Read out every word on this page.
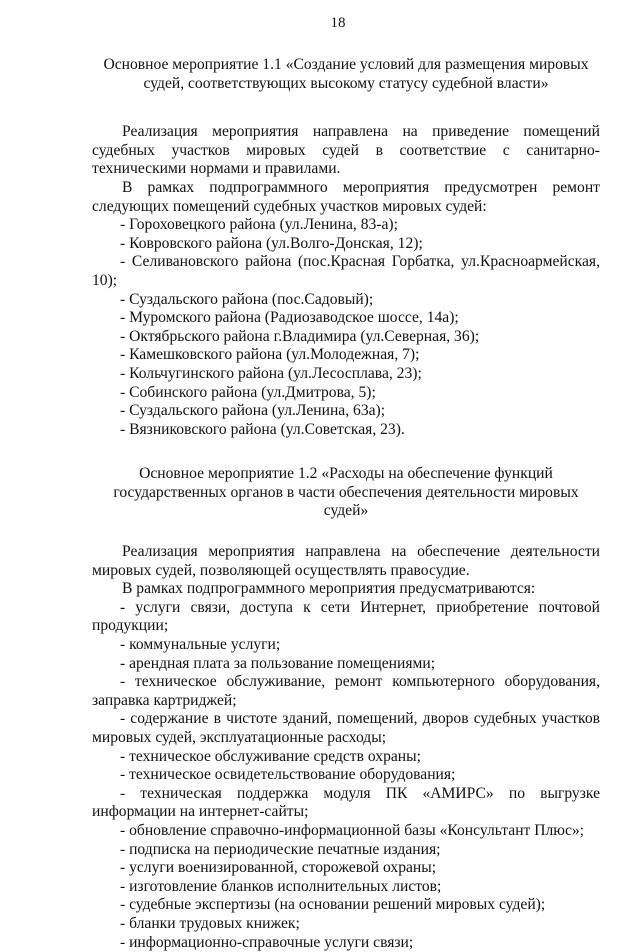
18
Основное мероприятие 1.1 «Создание условий для размещения мировых
судей, соответствующих высокому статусу судебной власти»

Реализация мероприятия направлена на приведение помещений судебных участков мировых судей в соответствие с санитарно-техническими нормами и правилами.

В рамках подпрограммного мероприятия предусмотрен ремонт следующих помещений судебных участков мировых судей:

- Гороховецкого района (ул.Ленина, 83-а);

- Ковровского района (ул.Волго-Донская, 12);

- Селивановского района (пос.Красная Горбатка, ул.Красноармейская, 10);

- Суздальского района (пос.Садовый);

- Муромского района (Радиозаводское шоссе, 14а);

- Октябрьского района г.Владимира (ул.Северная, 36);

- Камешковского района (ул.Молодежная, 7);

- Кольчугинского района (ул.Лесосплава, 23);

- Собинского района (ул.Дмитрова, 5);

- Суздальского района (ул.Ленина, 63а);

- Вязниковского района (ул.Советская, 23).

Основное мероприятие 1.2 «Расходы на обеспечение функций
государственных органов в части обеспечения деятельности мировых судей»

Реализация мероприятия направлена на обеспечение деятельности мировых судей, позволяющей осуществлять правосудие.

В рамках подпрограммного мероприятия предусматриваются:

- услуги связи, доступа к сети Интернет, приобретение почтовой продукции;

- коммунальные услуги;

- арендная плата за пользование помещениями;

- техническое обслуживание, ремонт компьютерного оборудования, заправка картриджей;

- содержание в чистоте зданий, помещений, дворов судебных участков мировых судей, эксплуатационные расходы;

- техническое обслуживание средств охраны;

- техническое освидетельствование оборудования;

- техническая поддержка модуля ПК «АМИРС» по выгрузке информации на интернет-сайты;

- обновление справочно-информационной базы «Консультант Плюс»;

- подписка на периодические печатные издания;

- услуги военизированной, сторожевой охраны;

- изготовление бланков исполнительных листов;

- судебные экспертизы (на основании решений мировых судей);

- бланки трудовых книжек;

- информационно-справочные услуги связи;
